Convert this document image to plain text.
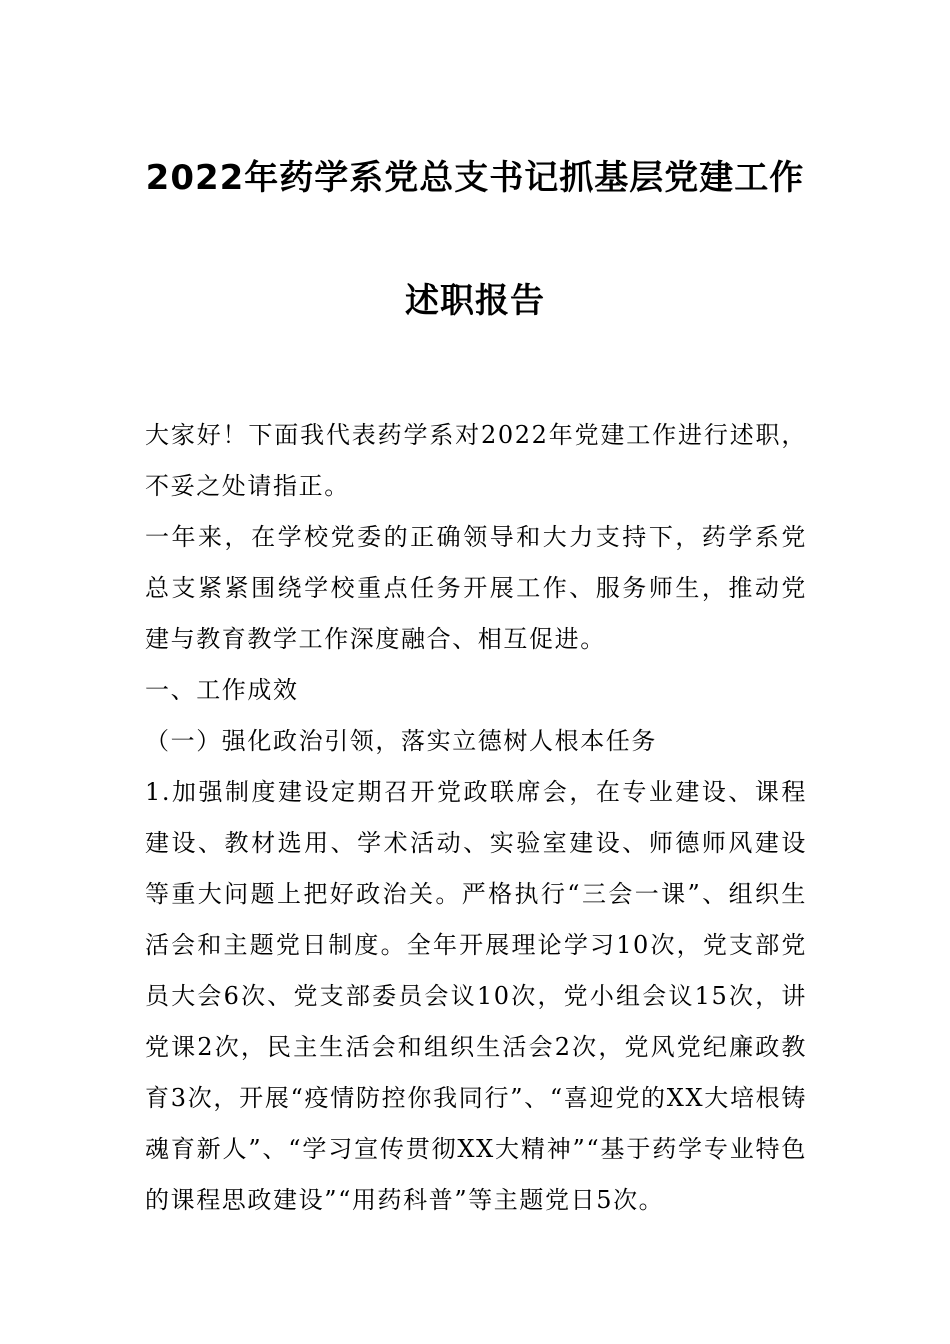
2022年药学系党总支书记抓基层党建工作
述职报告

大家好！下面我代表药学系对2022年党建工作进行述职，不妥之处请指正。

一年来，在学校党委的正确领导和大力支持下，药学系党总支紧紧围绕学校重点任务开展工作、服务师生，推动党建与教育教学工作深度融合、相互促进。

一、工作成效

（一）强化政治引领，落实立德树人根本任务

1.加强制度建设定期召开党政联席会，在专业建设、课程建设、教材选用、学术活动、实验室建设、师德师风建设等重大问题上把好政治关。严格执行“三会一课”、组织生活会和主题党日制度。全年开展理论学习10次，党支部党员大会6次、党支部委员会议10次，党小组会议15次，讲党课2次，民主生活会和组织生活会2次，党风党纪廉政教育3次，开展“疫情防控你我同行”、“喜迎党的XX大培根铸魂育新人”、“学习宣传贯彻XX大精神”“基于药学专业特色的课程思政建设”“用药科普”等主题党日5次。
